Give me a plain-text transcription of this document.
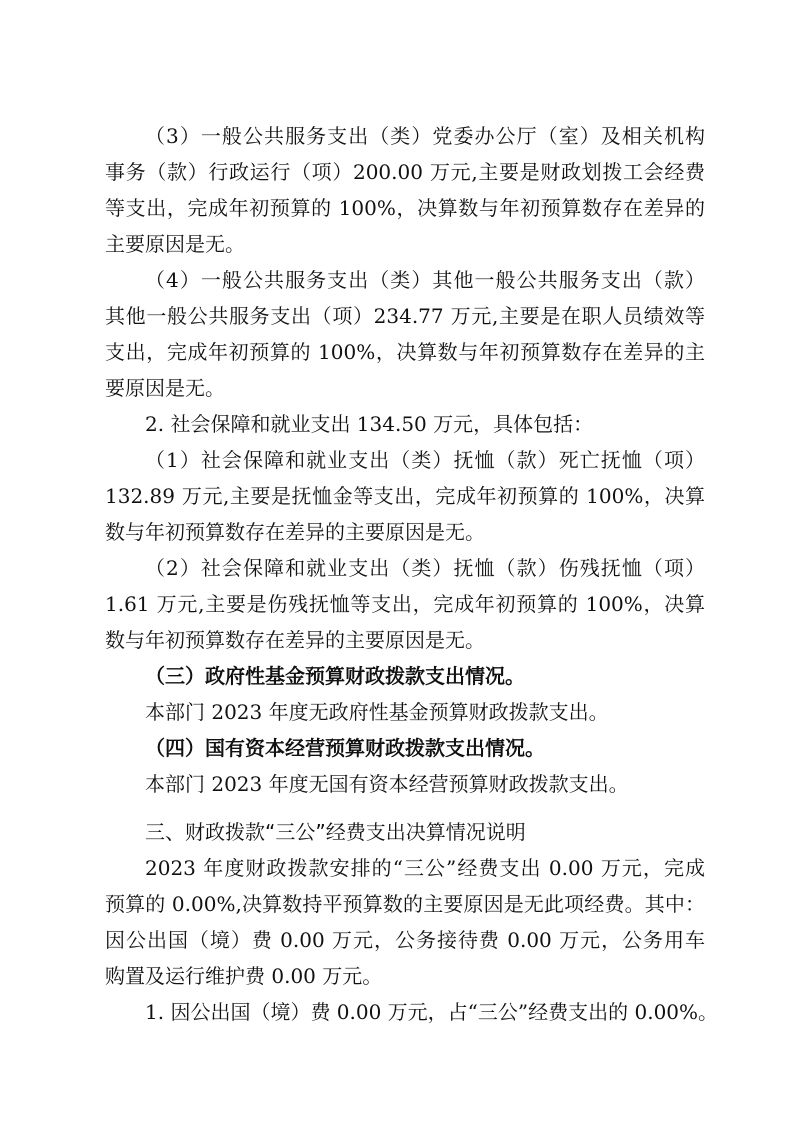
（3）一般公共服务支出（类）党委办公厅（室）及相关机构
事务（款）行政运行（项）200.00 万元,主要是财政划拨工会经费
等支出，完成年初预算的 100%，决算数与年初预算数存在差异的
主要原因是无。
（4）一般公共服务支出（类）其他一般公共服务支出（款）
其他一般公共服务支出（项）234.77 万元,主要是在职人员绩效等
支出，完成年初预算的 100%，决算数与年初预算数存在差异的主
要原因是无。
2. 社会保障和就业支出 134.50 万元，具体包括：
（1）社会保障和就业支出（类）抚恤（款）死亡抚恤（项）
132.89 万元,主要是抚恤金等支出，完成年初预算的 100%，决算
数与年初预算数存在差异的主要原因是无。
（2）社会保障和就业支出（类）抚恤（款）伤残抚恤（项）
1.61 万元,主要是伤残抚恤等支出，完成年初预算的 100%，决算
数与年初预算数存在差异的主要原因是无。
（三）政府性基金预算财政拨款支出情况。
本部门 2023 年度无政府性基金预算财政拨款支出。
（四）国有资本经营预算财政拨款支出情况。
本部门 2023 年度无国有资本经营预算财政拨款支出。
三、财政拨款“三公”经费支出决算情况说明
2023 年度财政拨款安排的“三公”经费支出 0.00 万元，完成
预算的 0.00%,决算数持平预算数的主要原因是无此项经费。其中：
因公出国（境）费 0.00 万元，公务接待费 0.00 万元，公务用车
购置及运行维护费 0.00 万元。
1. 因公出国（境）费 0.00 万元，占“三公”经费支出的 0.00%。
